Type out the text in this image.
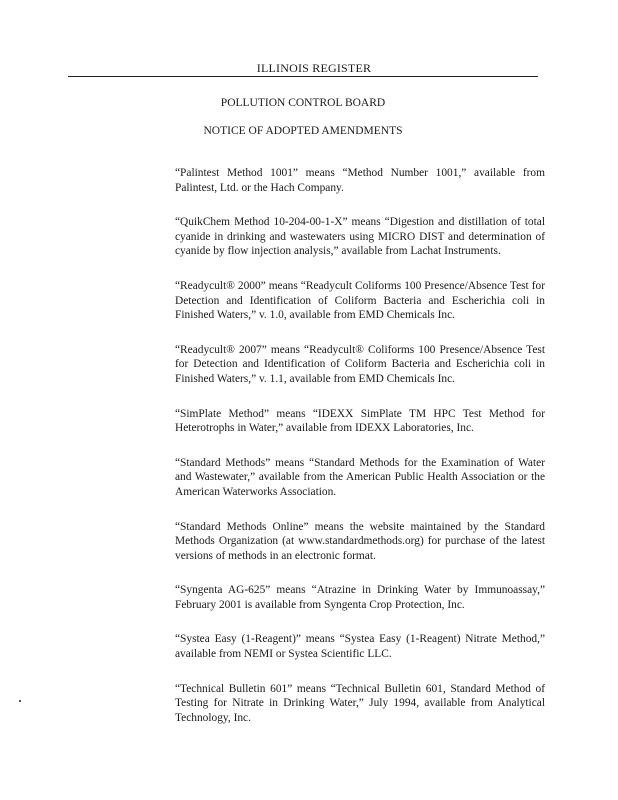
ILLINOIS REGISTER
POLLUTION CONTROL BOARD
NOTICE OF ADOPTED AMENDMENTS

“Palintest Method 1001” means “Method Number 1001,” available from Palintest, Ltd. or the Hach Company.

“QuikChem Method 10-204-00-1-X” means “Digestion and distillation of total cyanide in drinking and wastewaters using MICRO DIST and determination of cyanide by flow injection analysis,” available from Lachat Instruments.

“Readycult® 2000” means “Readycult Coliforms 100 Presence/Absence Test for Detection and Identification of Coliform Bacteria and Escherichia coli in Finished Waters,” v. 1.0, available from EMD Chemicals Inc.

“Readycult® 2007” means “Readycult® Coliforms 100 Presence/Absence Test for Detection and Identification of Coliform Bacteria and Escherichia coli in Finished Waters,” v. 1.1, available from EMD Chemicals Inc.

“SimPlate Method” means “IDEXX SimPlate TM HPC Test Method for Heterotrophs in Water,” available from IDEXX Laboratories, Inc.

“Standard Methods” means “Standard Methods for the Examination of Water and Wastewater,” available from the American Public Health Association or the American Waterworks Association.

“Standard Methods Online” means the website maintained by the Standard Methods Organization (at www.standardmethods.org) for purchase of the latest versions of methods in an electronic format.

“Syngenta AG-625” means “Atrazine in Drinking Water by Immunoassay,” February 2001 is available from Syngenta Crop Protection, Inc.

“Systea Easy (1-Reagent)” means “Systea Easy (1-Reagent) Nitrate Method,” available from NEMI or Systea Scientific LLC.

“Technical Bulletin 601” means “Technical Bulletin 601, Standard Method of Testing for Nitrate in Drinking Water,” July 1994, available from Analytical Technology, Inc.
